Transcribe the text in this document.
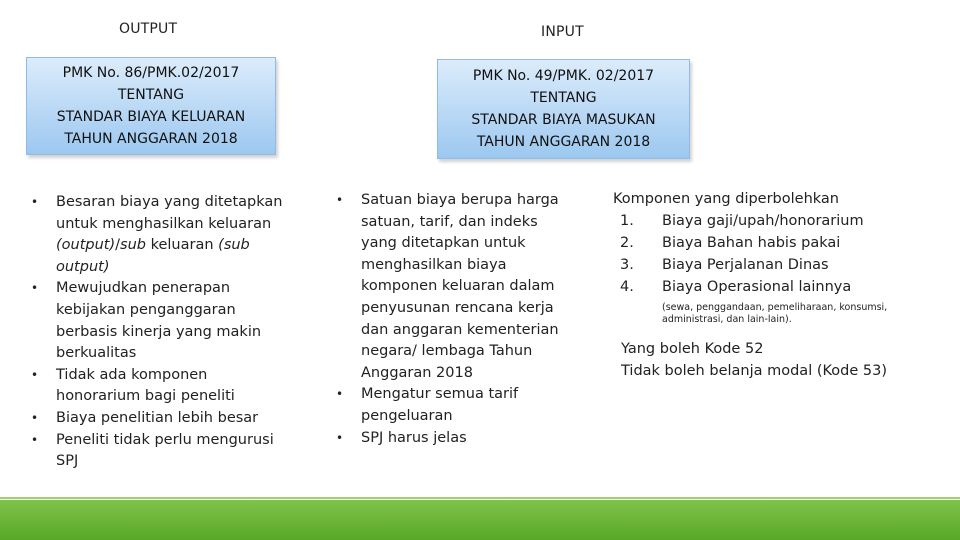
OUTPUT
PMK No. 86/PMK.02/2017
TENTANG
STANDAR BIAYA KELUARAN
TAHUN ANGGARAN 2018
• Besaran biaya yang ditetapkan untuk menghasilkan keluaran (output)/sub keluaran (sub output)
• Mewujudkan penerapan kebijakan penganggaran berbasis kinerja yang makin berkualitas
• Tidak ada komponen honorarium bagi peneliti
• Biaya penelitian lebih besar
• Peneliti tidak perlu mengurusi SPJ
INPUT
PMK No. 49/PMK. 02/2017
TENTANG
STANDAR BIAYA MASUKAN
TAHUN ANGGARAN 2018
• Satuan biaya berupa harga satuan, tarif, dan indeks yang ditetapkan untuk menghasilkan biaya komponen keluaran dalam penyusunan rencana kerja dan anggaran kementerian negara/ lembaga Tahun Anggaran 2018
• Mengatur semua tarif pengeluaran
• SPJ harus jelas
Komponen yang diperbolehkan
1. Biaya gaji/upah/honorarium
2. Biaya Bahan habis pakai
3. Biaya Perjalanan Dinas
4. Biaya Operasional lainnya
(sewa, penggandaan, pemeliharaan, konsumsi, administrasi, dan lain-lain).
Yang boleh Kode 52
Tidak boleh belanja modal (Kode 53)
